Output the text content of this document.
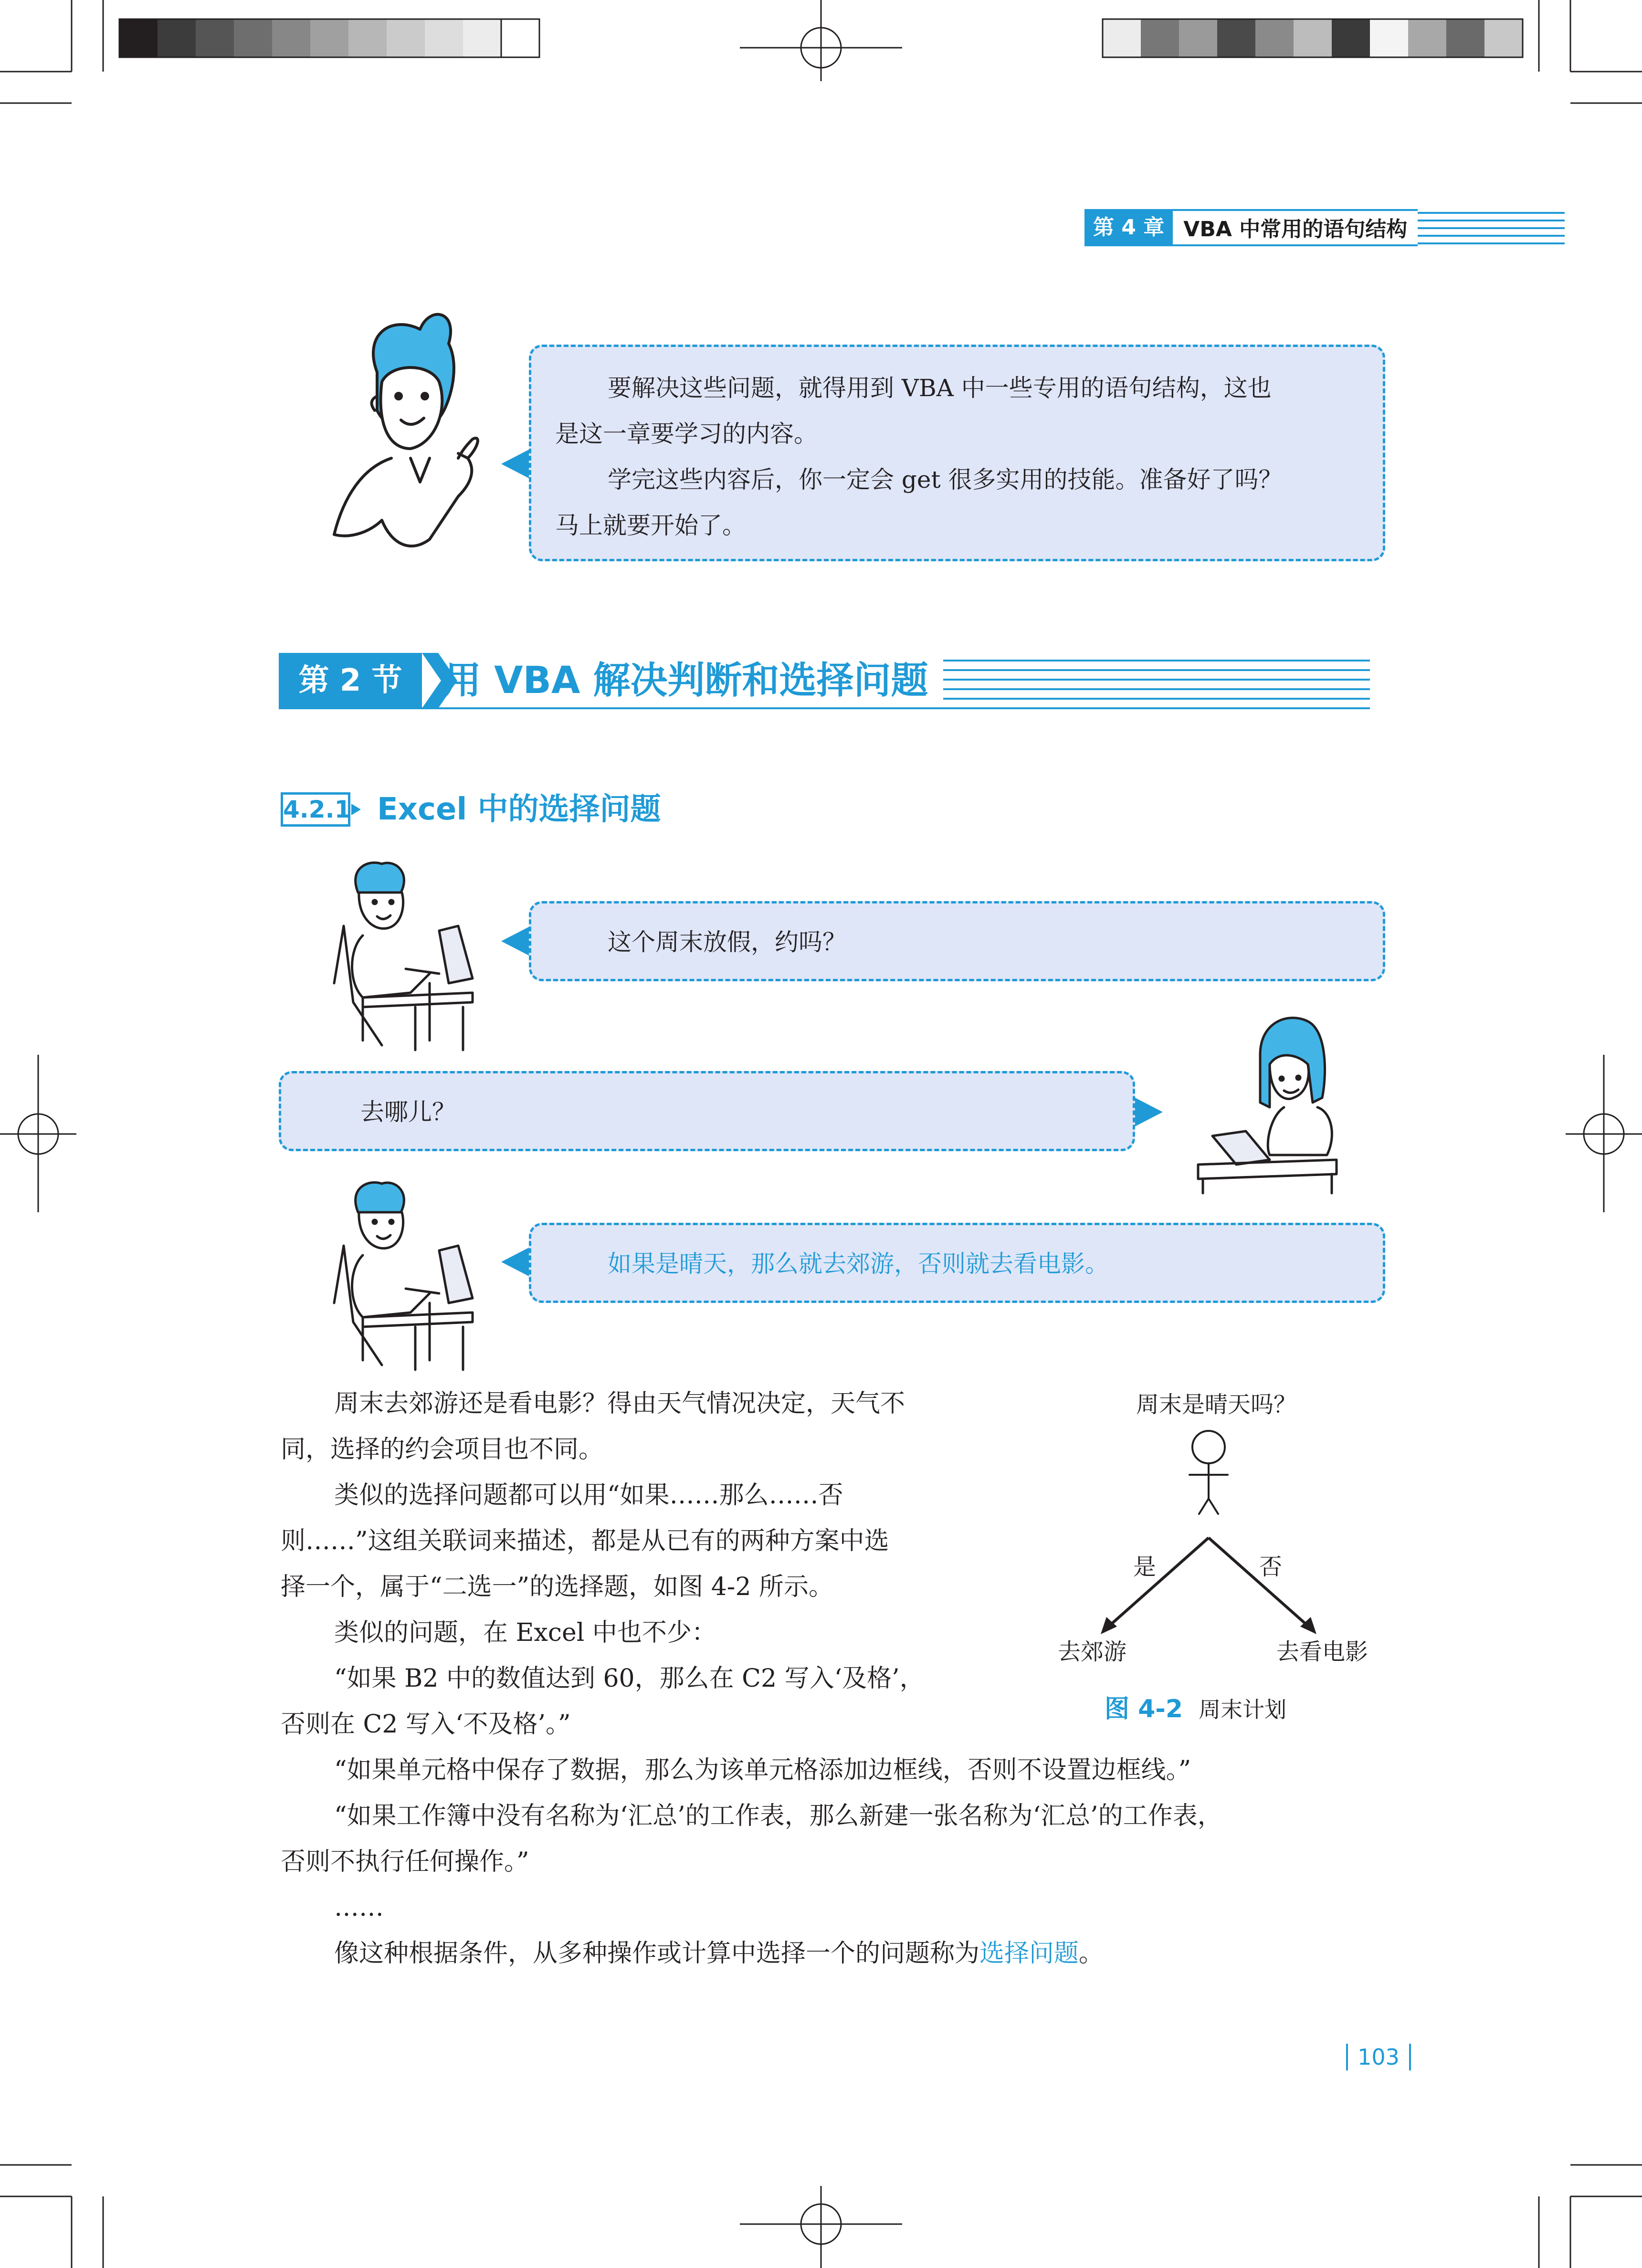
第 4 章 VBA 中常用的语句结构
要解决这些问题，就得用到 VBA 中一些专用的语句结构，这也
是这一章要学习的内容。
学完这些内容后，你一定会 get 很多实用的技能。准备好了吗？
马上就要开始了。
第 2 节	用 VBA 解决判断和选择问题
4.2.1 Excel 中的选择问题
这个周末放假，约吗？
去哪儿？
如果是晴天，那么就去郊游，否则就去看电影。
周末去郊游还是看电影？得由天气情况决定，天气不
同，选择的约会项目也不同。
类似的选择问题都可以用“如果……那么……否
则……”这组关联词来描述，都是从已有的两种方案中选
择一个，属于“二选一”的选择题，如图 4-2 所示。
类似的问题，在 Excel 中也不少：
“如果 B2 中的数值达到 60，那么在 C2 写入‘及格’，
否则在 C2 写入‘不及格’。”
“如果单元格中保存了数据，那么为该单元格添加边框线，否则不设置边框线。”
“如果工作簿中没有名称为‘汇总’的工作表，那么新建一张名称为‘汇总’的工作表，
否则不执行任何操作。”
……
像这种根据条件，从多种操作或计算中选择一个的问题称为选择问题。
周末是晴天吗？
是	否
去郊游	去看电影
图 4-2 周末计划
103
